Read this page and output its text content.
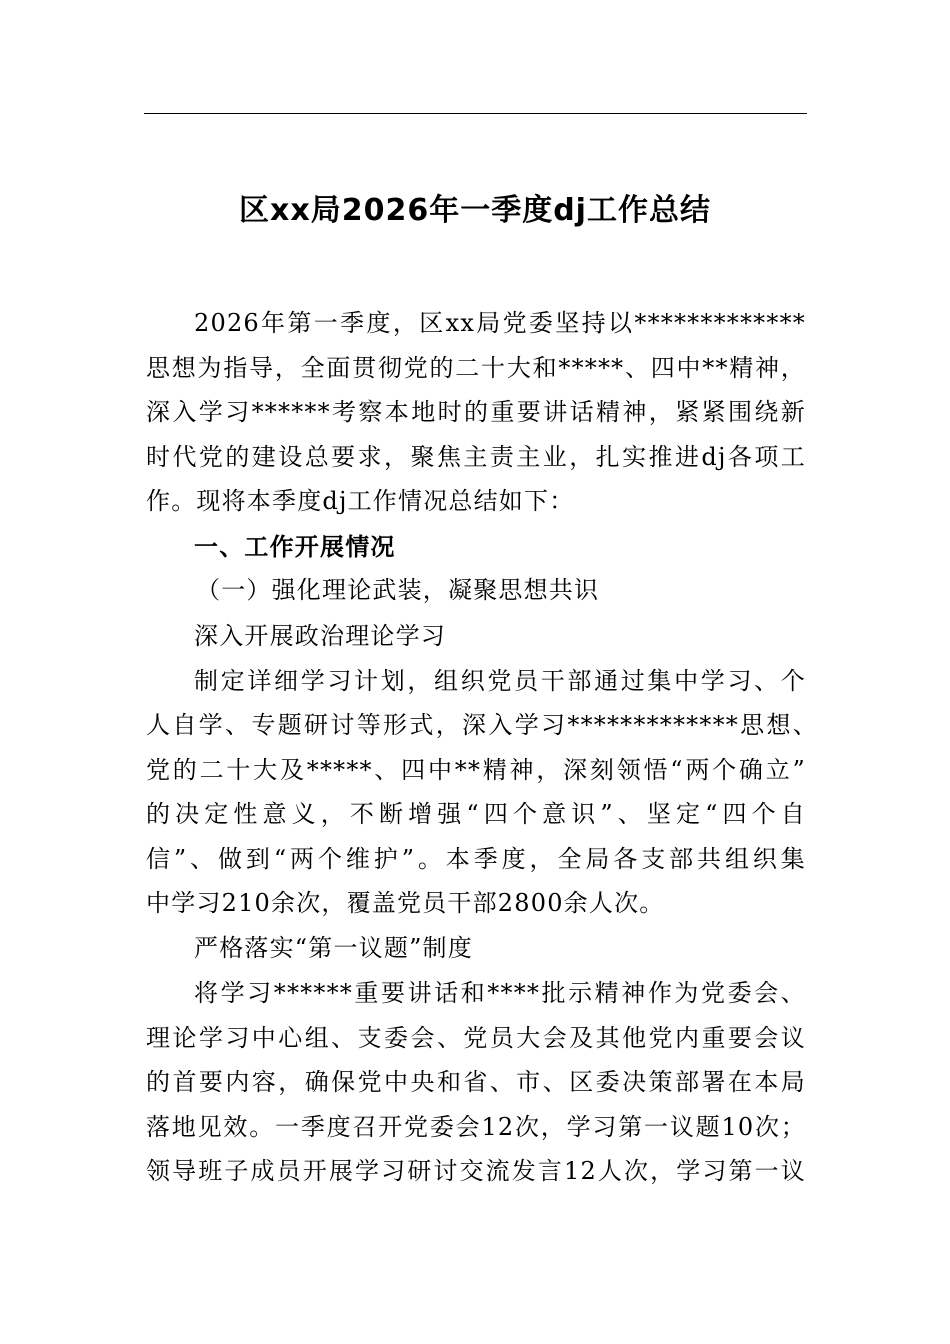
区xx局2026年一季度dj工作总结
2026年第一季度，区xx局党委坚持以*************
思想为指导，全面贯彻党的二十大和*****、四中**精神，
深入学习******考察本地时的重要讲话精神，紧紧围绕新
时代党的建设总要求，聚焦主责主业，扎实推进dj各项工
作。现将本季度dj工作情况总结如下：
一、工作开展情况
（一）强化理论武装，凝聚思想共识
深入开展政治理论学习
制定详细学习计划，组织党员干部通过集中学习、个
人自学、专题研讨等形式，深入学习*************思想、
党的二十大及*****、四中**精神，深刻领悟“两个确立”
的决定性意义，不断增强“四个意识”、坚定“四个自
信”、做到“两个维护”。本季度，全局各支部共组织集
中学习210余次，覆盖党员干部2800余人次。
严格落实“第一议题”制度
将学习******重要讲话和****批示精神作为党委会、
理论学习中心组、支委会、党员大会及其他党内重要会议
的首要内容，确保党中央和省、市、区委决策部署在本局
落地见效。一季度召开党委会12次，学习第一议题10次；
领导班子成员开展学习研讨交流发言12人次，学习第一议
